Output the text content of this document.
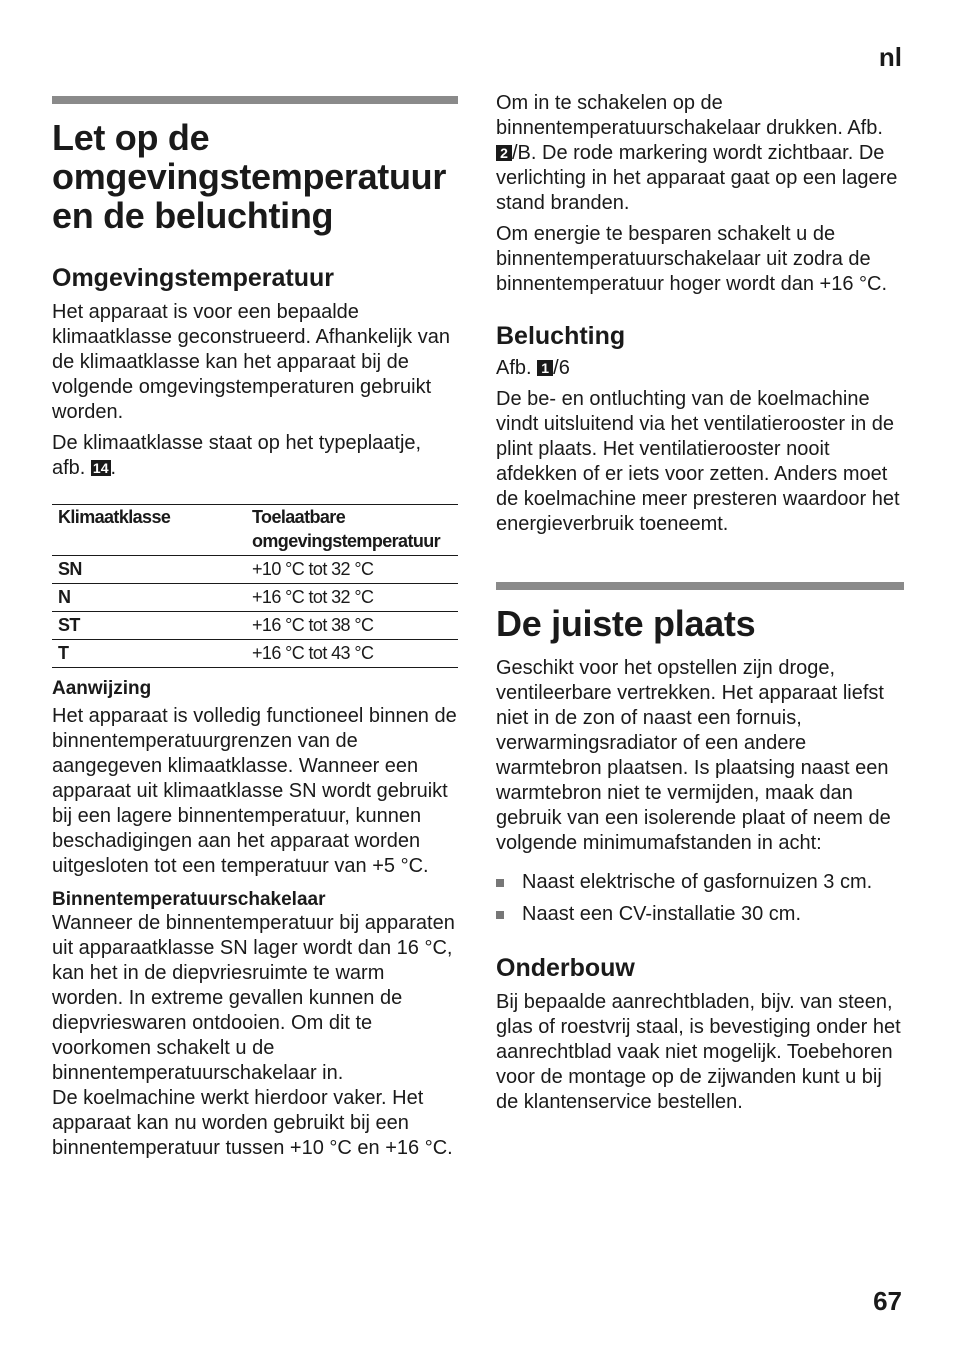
nl
Let op de omgevingstemperatuur en de beluchting
Omgevingstemperatuur

Het apparaat is voor een bepaalde klimaatklasse geconstrueerd. Afhankelijk van de klimaatklasse kan het apparaat bij de volgende omgevingstemperaturen gebruikt worden.

De klimaatklasse staat op het typeplaatje, afb. 14 .

Klimaatklasse	Toelaatbare omgevingstemperatuur
SN	+10 °C tot 32 °C
N	+16 °C tot 32 °C
ST	+16 °C tot 38 °C
T	+16 °C tot 43 °C
Aanwijzing

Het apparaat is volledig functioneel binnen de binnentemperatuurgrenzen van de aangegeven klimaatklasse. Wanneer een apparaat uit klimaatklasse SN wordt gebruikt bij een lagere binnentemperatuur, kunnen beschadigingen aan het apparaat worden uitgesloten tot een temperatuur van +5 °C.

Binnentemperatuurschakelaar

Wanneer de binnentemperatuur bij apparaten uit apparaatklasse SN lager wordt dan 16 °C, kan het in de diepvriesruimte te warm worden. In extreme gevallen kunnen de diepvrieswaren ontdooien. Om dit te voorkomen schakelt u de binnentemperatuurschakelaar in.

De koelmachine werkt hierdoor vaker. Het apparaat kan nu worden gebruikt bij een binnentemperatuur tussen +10 °C en +16 °C.

Om in te schakelen op de binnentemperatuurschakelaar drukken. Afb. 2 /B. De rode markering wordt zichtbaar. De verlichting in het apparaat gaat op een lagere stand branden.

Om energie te besparen schakelt u de binnentemperatuurschakelaar uit zodra de binnentemperatuur hoger wordt dan +16 °C.

Beluchting

Afb. 1 /6

De be- en ontluchting van de koelmachine vindt uitsluitend via het ventilatierooster in de plint plaats. Het ventilatierooster nooit afdekken of er iets voor zetten. Anders moet de koelmachine meer presteren waardoor het energieverbruik toeneemt.

De juiste plaats

Geschikt voor het opstellen zijn droge, ventileerbare vertrekken. Het apparaat liefst niet in de zon of naast een fornuis, verwarmingsradiator of een andere warmtebron plaatsen. Is plaatsing naast een warmtebron niet te vermijden, maak dan gebruik van een isolerende plaat of neem de volgende minimumafstanden in acht:

Naast elektrische of gasfornuizen 3 cm.
Naast een CV-installatie 30 cm.
Onderbouw

Bij bepaalde aanrechtbladen, bijv. van steen, glas of roestvrij staal, is bevestiging onder het aanrechtblad vaak niet mogelijk. Toebehoren voor de montage op de zijwanden kunt u bij de klantenservice bestellen.

67
